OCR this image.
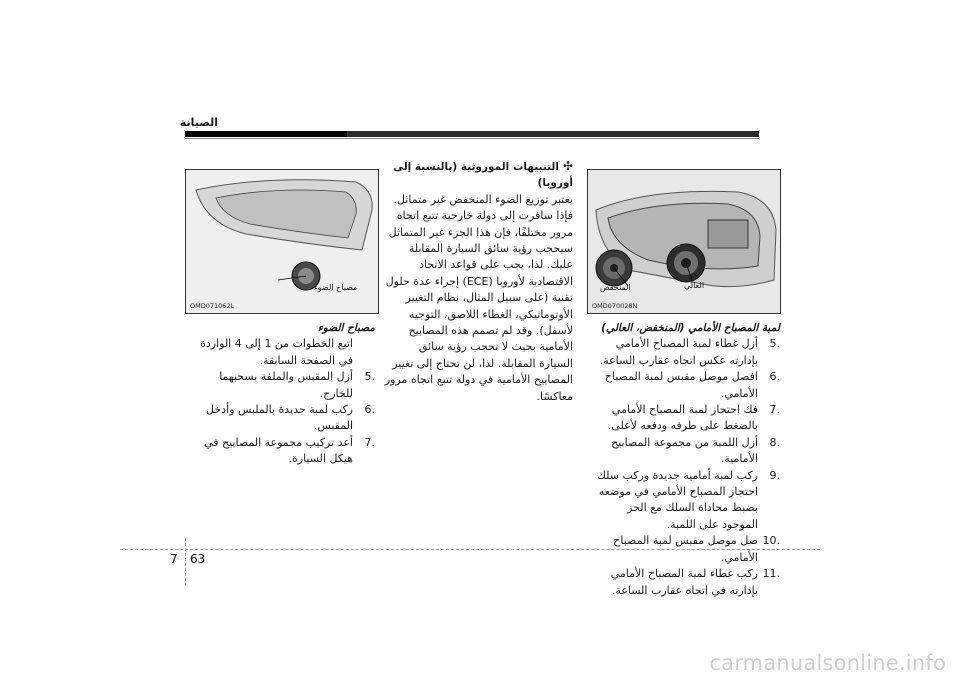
الصيانة
المنخفض	العالي
OMD070028N
مصباح الضوء
OMD071062L

لمبة المصباح الأمامي (المنخفض، العالي)

5.
أزل غطاء لمبة المصباح الأمامي بإدارته عكس اتجاه عقارب الساعة.
6.
افصل موصل مقبس لمبة المصباح الأمامي.
7.
فك احتجاز لمبة المصباح الأمامي بالضغط على طرفه ودفعه لأعلى.
8.
أزل اللمبة من مجموعة المصابيح الأمامية.
9.
ركب لمبة أمامية جديدة وركب سلك احتجاز المصباح الأمامي في موضعه بضبط محاذاة السلك مع الحز الموجود على اللمبة.
10.
صل موصل مقبس لمبة المصباح الأمامي.
11.
ركب غطاء لمبة المصباح الأمامي بإدارته في اتجاه عقارب الساعة.

✣التنبيهات الموروثية (بالنسبة إلى أوروبا)

يعتبر توزيع الضوء المنخفض غير متماثل. فإذا سافرت إلى دولة خارجية تتبع اتجاه مرور مختلفًا، فإن هذا الجزء غير المتماثل سيحجب رؤية سائق السيارة المقابلة عليك. لذا، يجب على قواعد الاتحاد الاقتصادية لأوروبا (ECE) إجراء عدة حلول تقنية (على سبيل المثال، نظام التغيير الأوتوماتيكي، الغطاء اللاصق، التوجيه لأسفل). وقد لم تصمم هذه المصابيح الأمامية بحيث لا تحجب رؤية سائق السيارة المقابلة. لذا، لن تحتاج إلى تغيير المصابيح الأمامية في دولة تتبع اتجاه مرور معاكسًا.

مصباح الضوء

اتبع الخطوات من 1 إلى 4 الواردة في الصفحة السابقة.
5.
أزل المقبس والملفة بسحبهما للخارج.
6.
ركب لمبة جديدة بالملبس وأدخل المقبس.
7.
أعد تركيب مجموعة المصابيح في هيكل السيارة.
7 63
carmanualsonline.info
